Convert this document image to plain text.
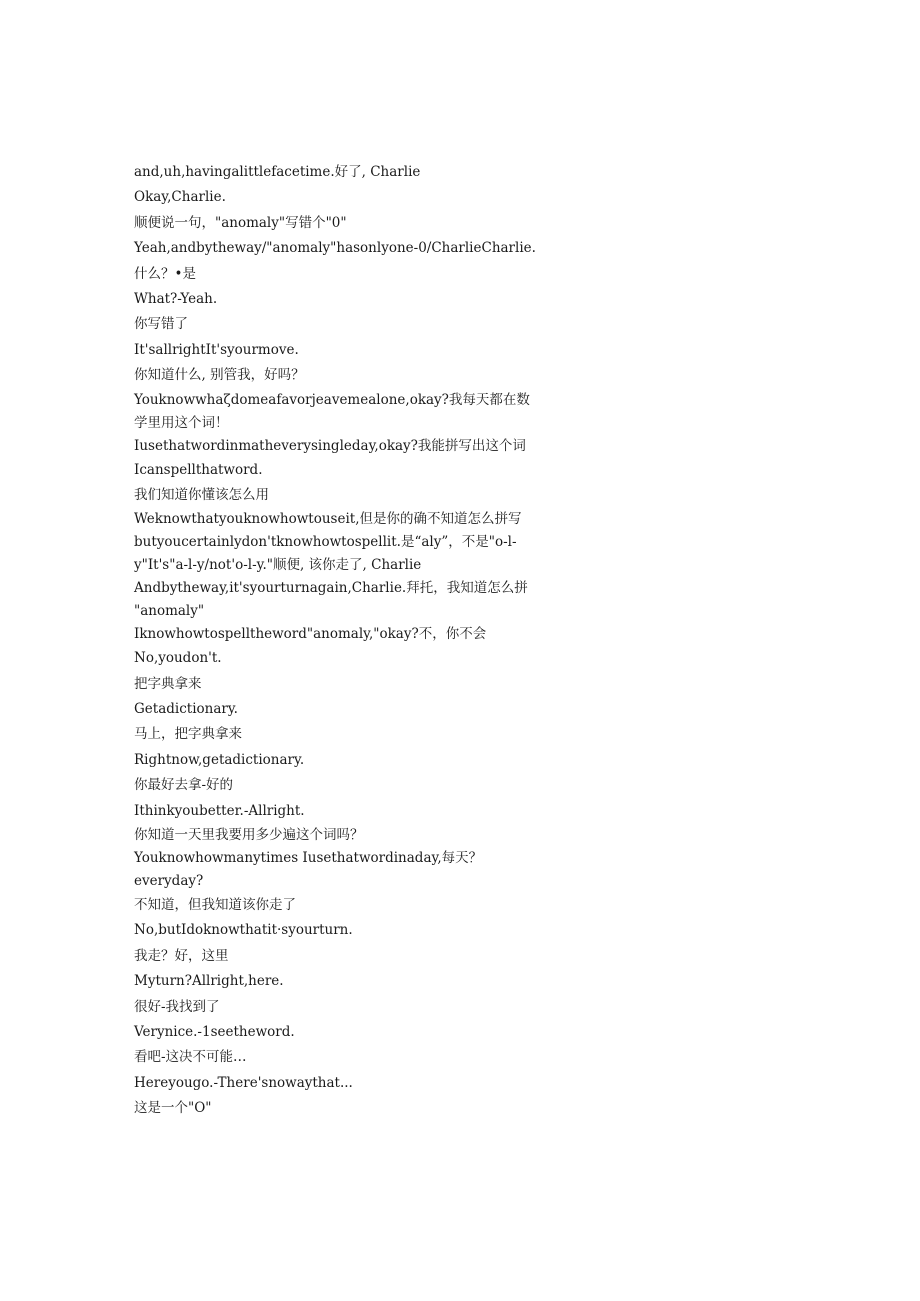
and,uh,havingalittlefacetime.好了, Charlie
Okay,Charlie.
顺便说一句，"anomaly"写错个"0"
Yeah,andbytheway/"anomaly"hasonlyone-0/CharlieCharlie.
什么？•是
What?-Yeah.
你写错了
It'sallrightIt'syourmove.
你知道什么, 别管我，好吗？
Youknowwhaζdomeafavorjeavemealone,okay?我每天都在数
学里用这个词！
Iusethatwordinmatheverysingleday,okay?我能拼写出这个词
Icanspellthatword.
我们知道你懂该怎么用
Weknowthatyouknowhowtouseit,但是你的确不知道怎么拼写
butyoucertainlydon'tknowhowtospellit.是“aly”，不是"o-l-
y"It's"a-l-y/not'o-l-y."顺便, 该你走了, Charlie
Andbytheway,it'syourturnagain,Charlie.拜托，我知道怎么拼
"anomaly"
Iknowhowtospelltheword"anomaly,"okay?不，你不会
No,youdon't.
把字典拿来
Getadictionary.
马上，把字典拿来
Rightnow,getadictionary.
你最好去拿-好的
Ithinkyoubetter.-Allright.
你知道一天里我要用多少遍这个词吗？
Youknowhowmanytimes Iusethatwordinaday,每天？
everyday?
不知道，但我知道该你走了
No,butIdoknowthatit·syourturn.
我走？好，这里
Myturn?Allright,here.
很好-我找到了
Verynice.-1seetheword.
看吧-这决不可能…
Hereyougo.-There'snowaythat...
这是一个"O"
